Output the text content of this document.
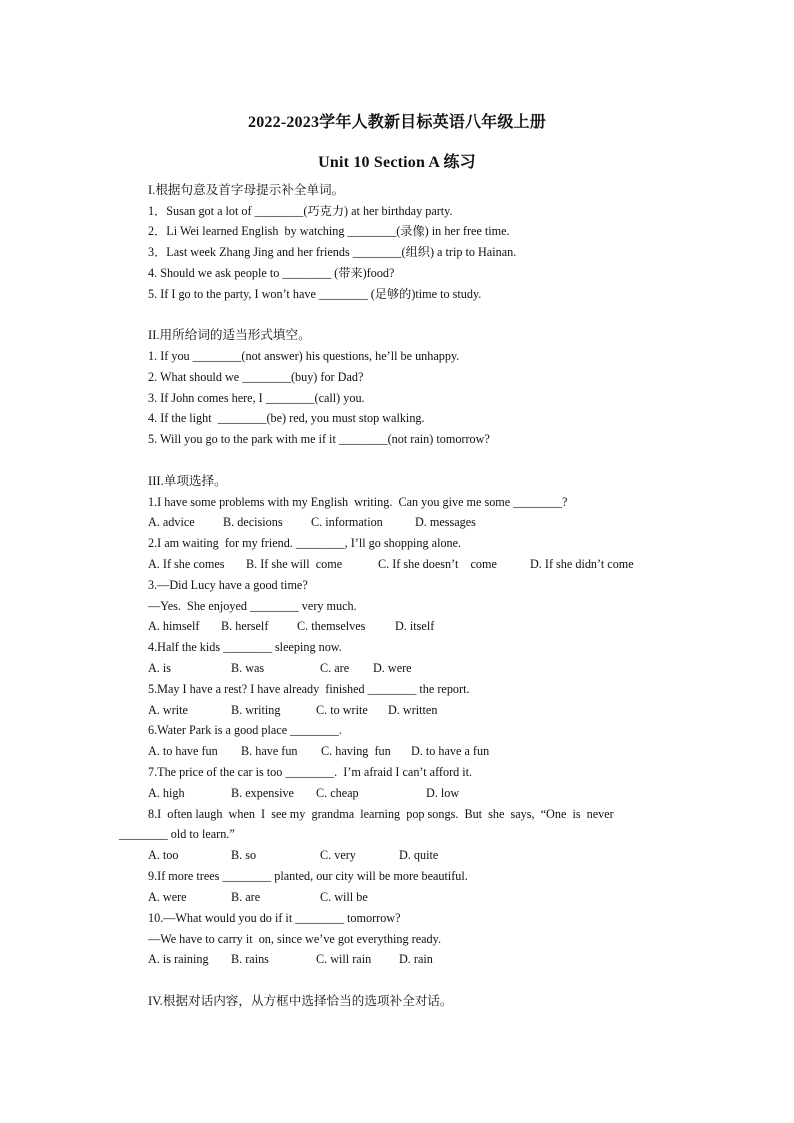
2022-2023学年人教新目标英语八年级上册
Unit 10 Section A 练习
I.根据句意及首字母提示补全单词。
1．Susan got a lot of ________(巧克力) at her birthday party.
2．Li Wei learned English  by watching ________(录像) in her free time.
3．Last week Zhang Jing and her friends ________(组织) a trip to Hainan.
4. Should we ask people to ________ (带来)food?
5. If I go to the party, I won’t have ________ (足够的)time to study.
II.用所给词的适当形式填空。
1. If you ________(not answer) his questions, he’ll be unhappy.
2. What should we ________(buy) for Dad?
3. If John comes here, I ________(call) you.
4. If the light  ________(be) red, you must stop walking.
5. Will you go to the park with me if it ________(not rain) tomorrow?
III.单项选择。
1.I have some problems with my English  writing.  Can you give me some ________?
A. advice B. decisions C. information	D. messages
2.I am waiting  for my friend. ________, I’ll go shopping alone.
A. If she comes B. If she will  come	C. If she doesn’t    come	D. If she didn’t come
3.—Did Lucy have a good time?
—Yes.  She enjoyed ________ very much.
A. himself B. herself C. themselves D. itself
4.Half the kids ________ sleeping now.
A. is	B. was	C. are D. were
5.May I have a rest? I have already  finished ________ the report.
A. write	B. writing	C. to write D. written
6.Water Park is a good place ________.
A. to have fun B. have fun C. having  fun D. to have a fun
7.The price of the car is too ________.  I’m afraid I can’t afford it.
A. high	B. expensive C. cheap	D. low
8.I  often laugh  when  I  see my  grandma  learning  pop songs.  But  she  says,  “One  is  never
________ old to learn.”
A. too	B. so	C. very	D. quite
9.If more trees ________ planted, our city will be more beautiful.
A. were	B. are	C. will be
10.—What would you do if it ________ tomorrow?
—We have to carry it  on, since we’ve got everything ready.
A. is raining B. rains	C. will rain D. rain
IV.根据对话内容，从方框中选择恰当的选项补全对话。
